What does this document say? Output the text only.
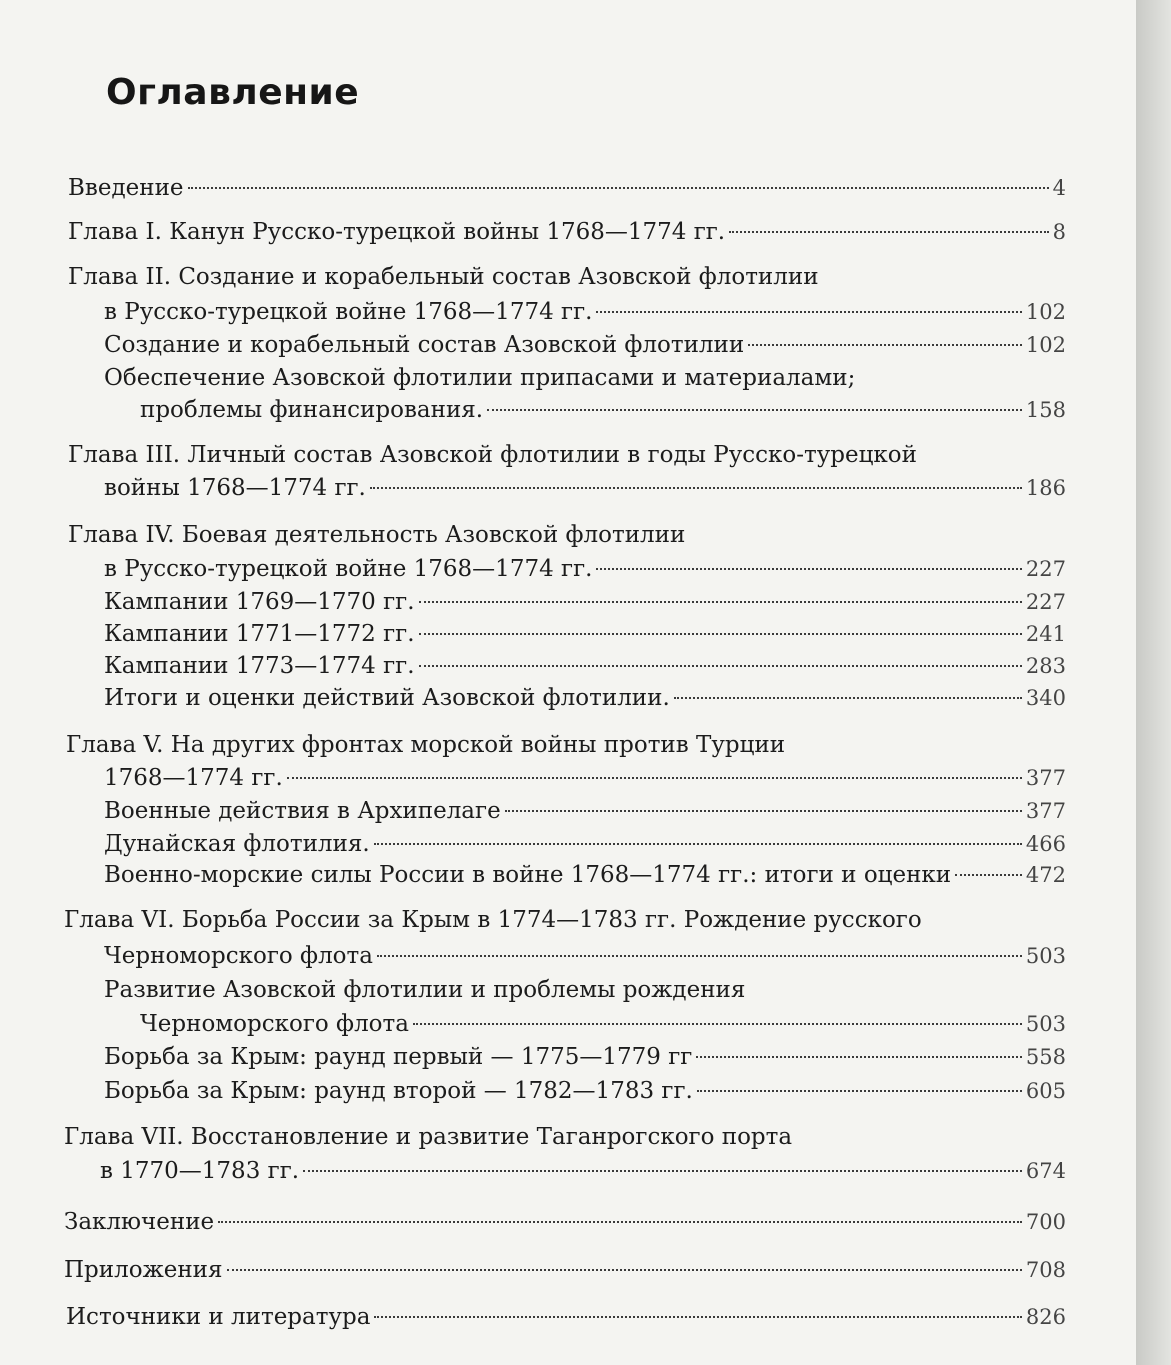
Оглавление
Введение	4
Глава I. Канун Русско-турецкой войны 1768—1774 гг.	8
Глава II. Создание и корабельный состав Азовской флотилии
в Русско-турецкой войне 1768—1774 гг.	102
Создание и корабельный состав Азовской флотилии	102
Обеспечение Азовской флотилии припасами и материалами;
проблемы финансирования.	158
Глава III. Личный состав Азовской флотилии в годы Русско-турецкой
войны 1768—1774 гг.	186
Глава IV. Боевая деятельность Азовской флотилии
в Русско-турецкой войне 1768—1774 гг.	227
Кампании 1769—1770 гг.	227
Кампании 1771—1772 гг.	241
Кампании 1773—1774 гг.	283
Итоги и оценки действий Азовской флотилии.	340
Глава V. На других фронтах морской войны против Турции
1768—1774 гг.	377
Военные действия в Архипелаге	377
Дунайская флотилия.	466
Военно-морские силы России в войне 1768—1774 гг.: итоги и оценки	472
Глава VI. Борьба России за Крым в 1774—1783 гг. Рождение русского
Черноморского флота	503
Развитие Азовской флотилии и проблемы рождения
Черноморского флота	503
Борьба за Крым: раунд первый — 1775—1779 гг	558
Борьба за Крым: раунд второй — 1782—1783 гг.	605
Глава VII. Восстановление и развитие Таганрогского порта
в 1770—1783 гг.	674
Заключение	700
Приложения	708
Источники и литература	826
